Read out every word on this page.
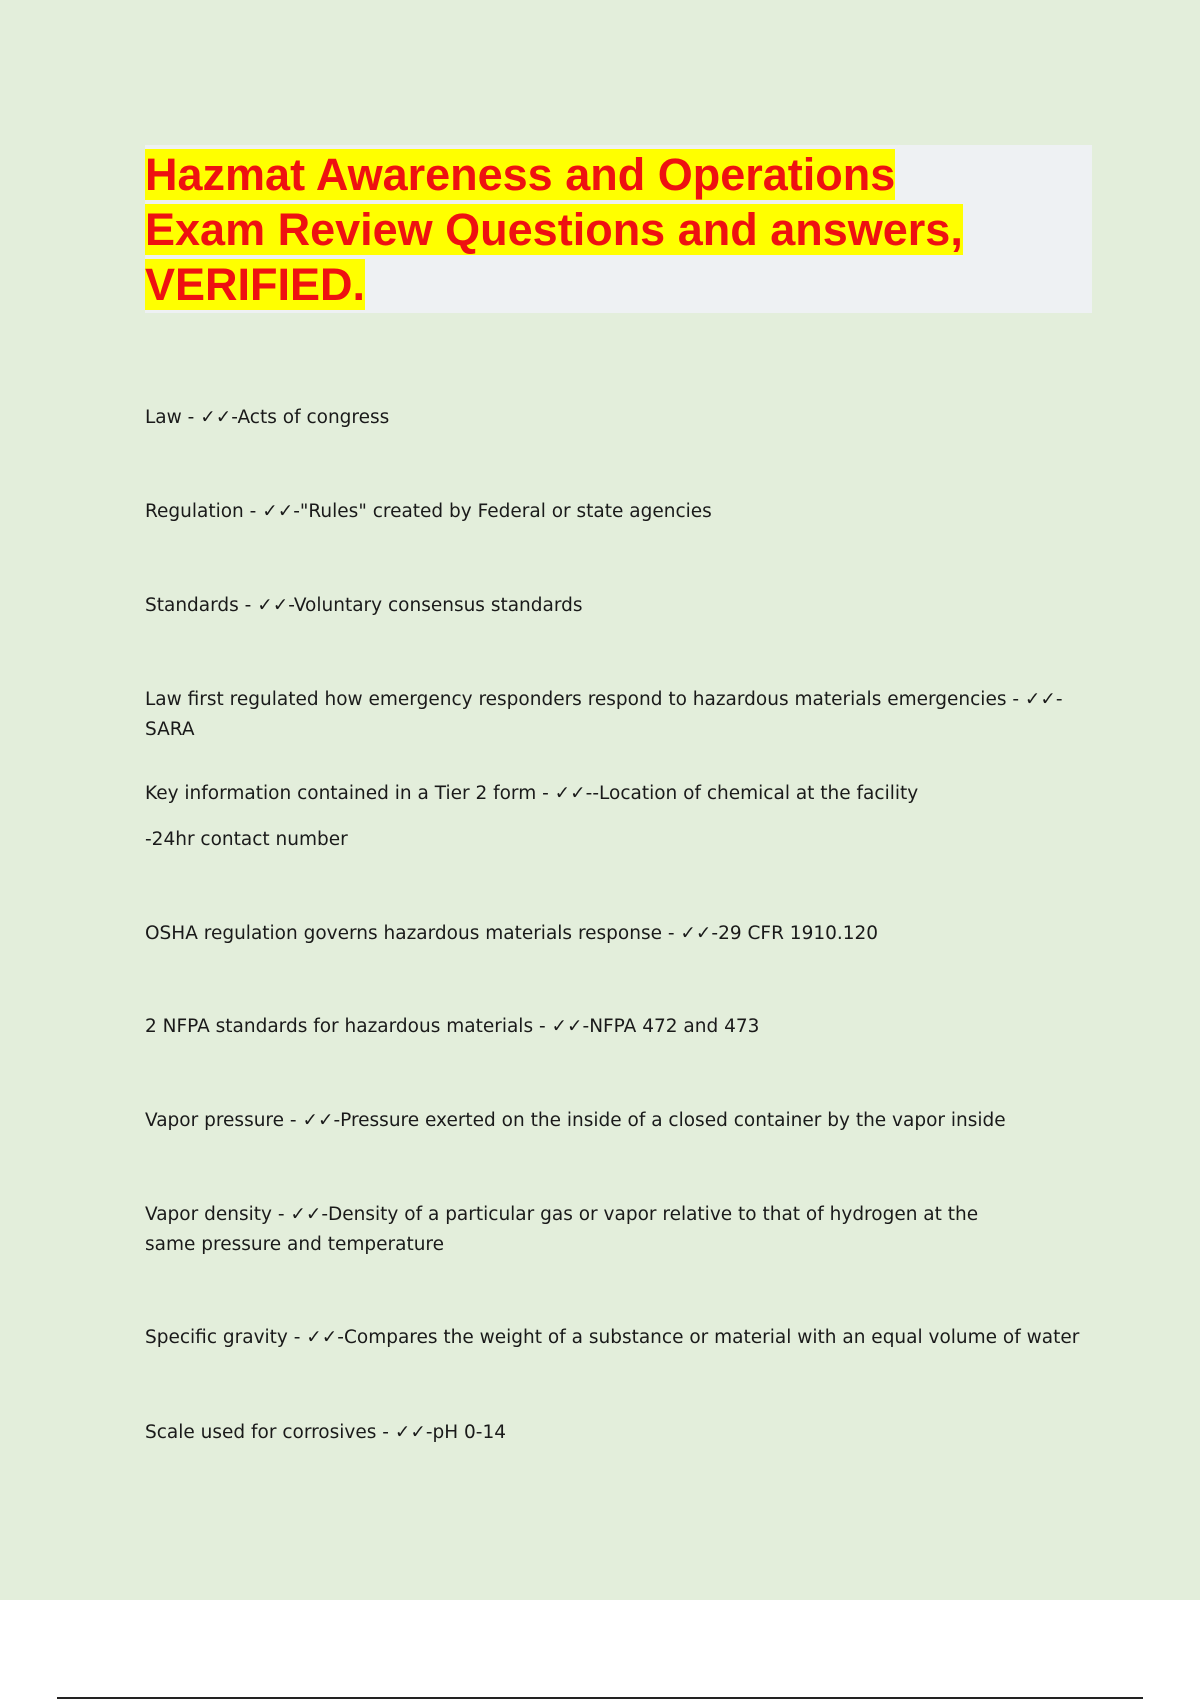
Hazmat Awareness and Operations
Exam Review Questions and answers,
VERIFIED.
Law - ✓✓-Acts of congress
Regulation - ✓✓-"Rules" created by Federal or state agencies
Standards - ✓✓-Voluntary consensus standards
Law first regulated how emergency responders respond to hazardous materials emergencies - ✓✓-SARA
Key information contained in a Tier 2 form - ✓✓--Location of chemical at the facility
-24hr contact number
OSHA regulation governs hazardous materials response - ✓✓-29 CFR 1910.120
2 NFPA standards for hazardous materials - ✓✓-NFPA 472 and 473
Vapor pressure - ✓✓-Pressure exerted on the inside of a closed container by the vapor inside
Vapor density - ✓✓-Density of a particular gas or vapor relative to that of hydrogen at the same pressure and temperature
Specific gravity - ✓✓-Compares the weight of a substance or material with an equal volume of water
Scale used for corrosives - ✓✓-pH 0-14
